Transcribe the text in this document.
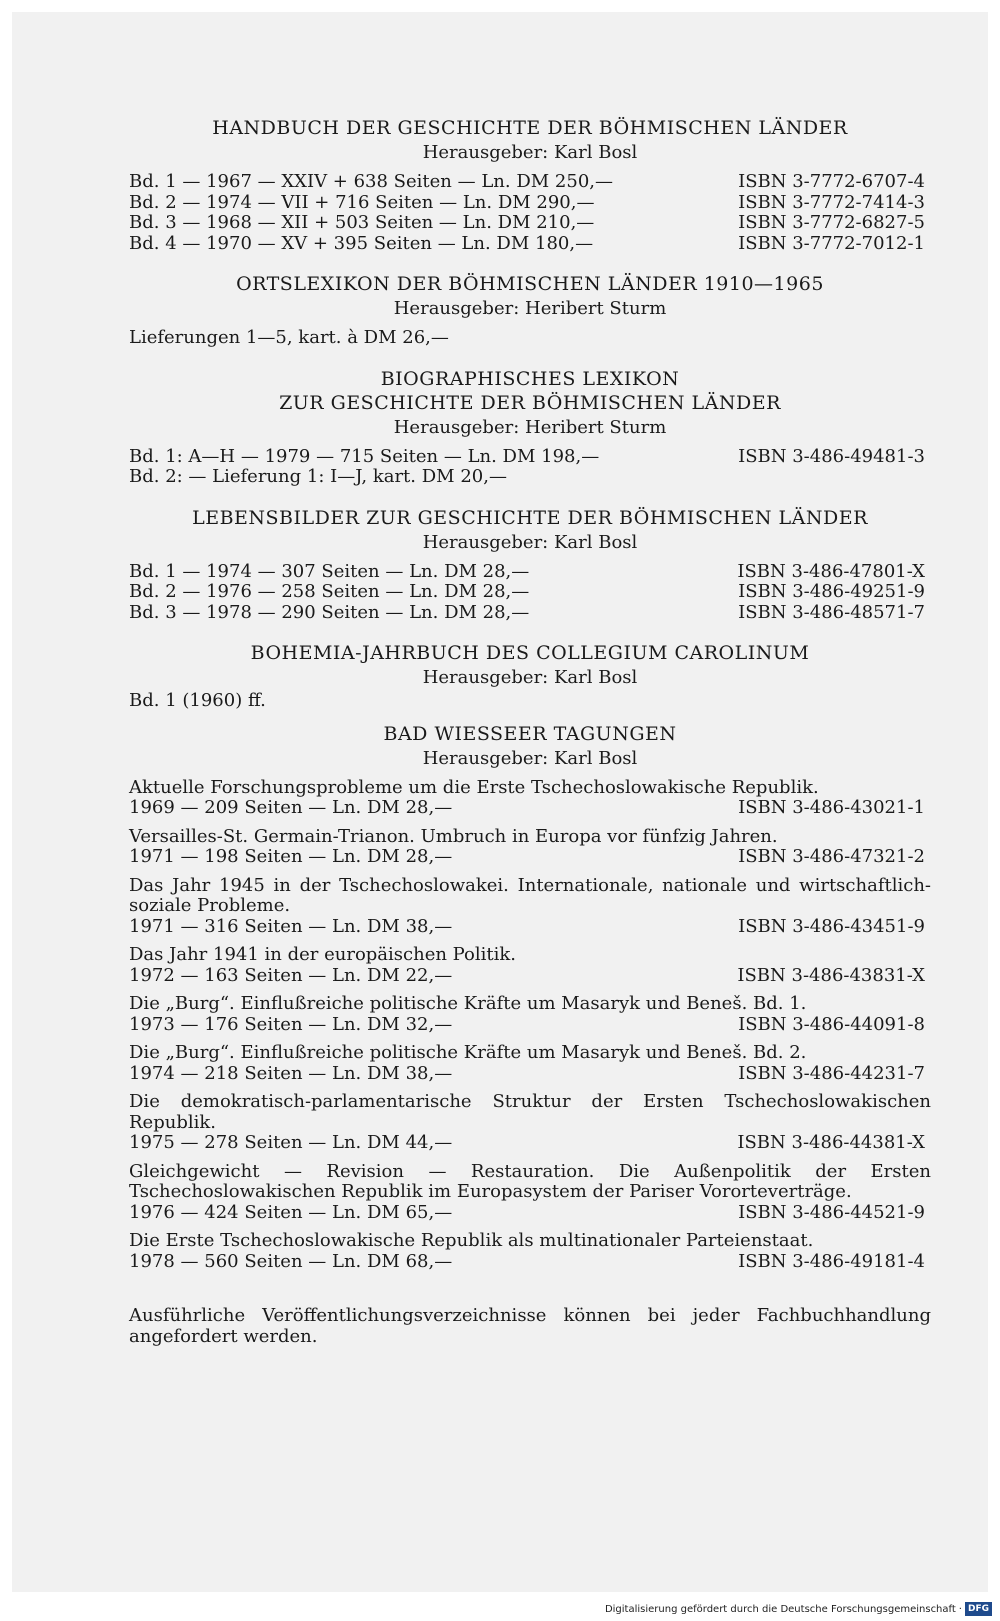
HANDBUCH DER GESCHICHTE DER BÖHMISCHEN LÄNDER
Herausgeber: Karl Bosl
Bd. 1 — 1967 — XXIV + 638 Seiten — Ln. DM 250,—	ISBN 3-7772-6707-4
Bd. 2 — 1974 — VII + 716 Seiten — Ln. DM 290,—	ISBN 3-7772-7414-3
Bd. 3 — 1968 — XII + 503 Seiten — Ln. DM 210,—	ISBN 3-7772-6827-5
Bd. 4 — 1970 — XV + 395 Seiten — Ln. DM 180,—	ISBN 3-7772-7012-1
ORTSLEXIKON DER BÖHMISCHEN LÄNDER 1910—1965
Herausgeber: Heribert Sturm
Lieferungen 1—5, kart. à DM 26,—
BIOGRAPHISCHES LEXIKON
ZUR GESCHICHTE DER BÖHMISCHEN LÄNDER
Herausgeber: Heribert Sturm
Bd. 1: A—H — 1979 — 715 Seiten — Ln. DM 198,—	ISBN 3-486-49481-3
Bd. 2: — Lieferung 1: I—J, kart. DM 20,—
LEBENSBILDER ZUR GESCHICHTE DER BÖHMISCHEN LÄNDER
Herausgeber: Karl Bosl
Bd. 1 — 1974 — 307 Seiten — Ln. DM 28,—	ISBN 3-486-47801-X
Bd. 2 — 1976 — 258 Seiten — Ln. DM 28,—	ISBN 3-486-49251-9
Bd. 3 — 1978 — 290 Seiten — Ln. DM 28,—	ISBN 3-486-48571-7
BOHEMIA-JAHRBUCH DES COLLEGIUM CAROLINUM
Herausgeber: Karl Bosl
Bd. 1 (1960) ff.
BAD WIESSEER TAGUNGEN
Herausgeber: Karl Bosl
Aktuelle Forschungsprobleme um die Erste Tschechoslowakische Republik.
1969 — 209 Seiten — Ln. DM 28,—	ISBN 3-486-43021-1
Versailles-St. Germain-Trianon. Umbruch in Europa vor fünfzig Jahren.
1971 — 198 Seiten — Ln. DM 28,—	ISBN 3-486-47321-2
Das Jahr 1945 in der Tschechoslowakei. Internationale, nationale und wirtschaftlich-soziale Probleme.
1971 — 316 Seiten — Ln. DM 38,—	ISBN 3-486-43451-9
Das Jahr 1941 in der europäischen Politik.
1972 — 163 Seiten — Ln. DM 22,—	ISBN 3-486-43831-X
Die „Burg“. Einflußreiche politische Kräfte um Masaryk und Beneš. Bd. 1.
1973 — 176 Seiten — Ln. DM 32,—	ISBN 3-486-44091-8
Die „Burg“. Einflußreiche politische Kräfte um Masaryk und Beneš. Bd. 2.
1974 — 218 Seiten — Ln. DM 38,—	ISBN 3-486-44231-7
Die demokratisch-parlamentarische Struktur der Ersten Tschechoslowakischen Republik.
1975 — 278 Seiten — Ln. DM 44,—	ISBN 3-486-44381-X
Gleichgewicht — Revision — Restauration. Die Außenpolitik der Ersten Tschechoslowakischen Republik im Europasystem der Pariser Vororteverträge.
1976 — 424 Seiten — Ln. DM 65,—	ISBN 3-486-44521-9
Die Erste Tschechoslowakische Republik als multinationaler Parteienstaat.
1978 — 560 Seiten — Ln. DM 68,—	ISBN 3-486-49181-4
Ausführliche Veröffentlichungsverzeichnisse können bei jeder Fachbuchhandlung angefordert werden.
Digitalisierung gefördert durch die Deutsche Forschungsgemeinschaft · DFG
